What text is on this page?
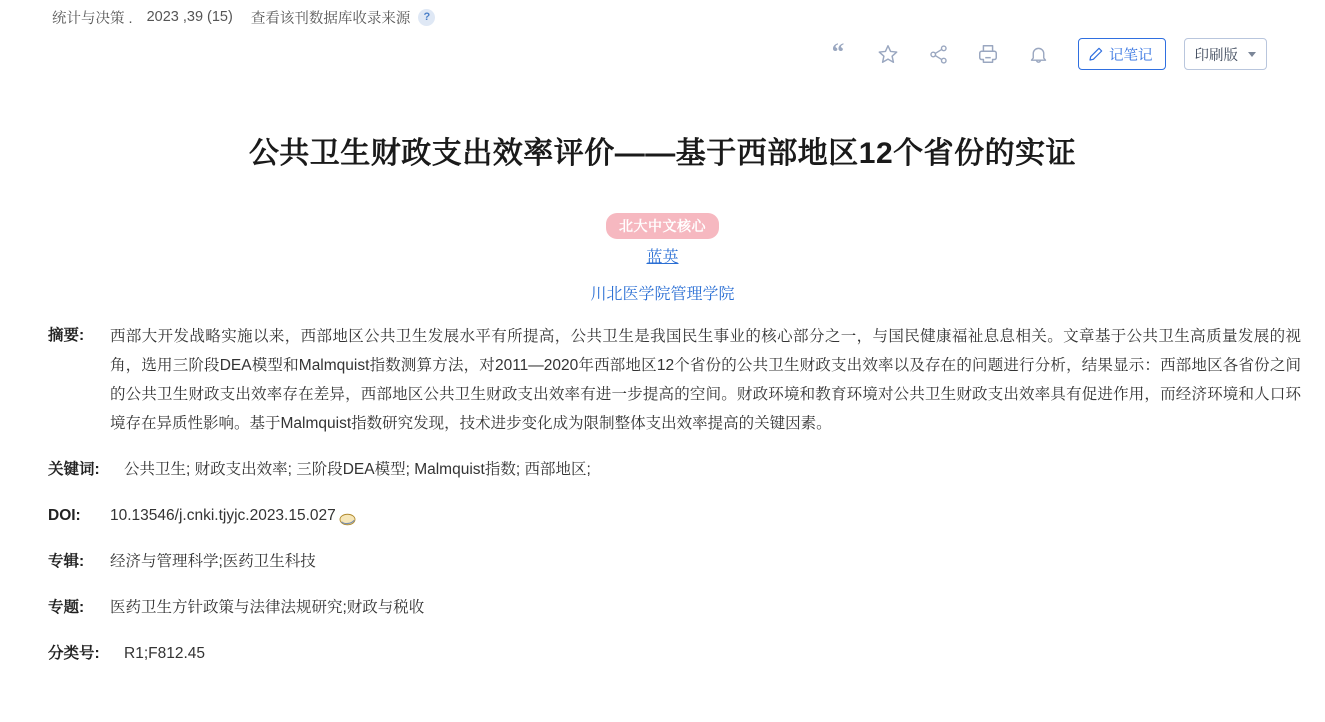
统计与决策 . 2023 ,39 (15) 查看该刊数据库收录来源	?
“	记笔记	印刷版
公共卫生财政支出效率评价——基于西部地区12个省份的实证
北大中文核心
蓝英
川北医学院管理学院
摘要:	西部大开发战略实施以来，西部地区公共卫生发展水平有所提高，公共卫生是我国民生事业的核心部分之一，与国民健康福祉息息相关。文章基于公共卫生高质量发展的视角，选用三阶段DEA模型和Malmquist指数测算方法，对2011—2020年西部地区12个省份的公共卫生财政支出效率以及存在的问题进行分析，结果显示：西部地区各省份之间的公共卫生财政支出效率存在差异，西部地区公共卫生财政支出效率有进一步提高的空间。财政环境和教育环境对公共卫生财政支出效率具有促进作用，而经济环境和人口环境存在异质性影响。基于Malmquist指数研究发现，技术进步变化成为限制整体支出效率提高的关键因素。
关键词:	公共卫生; 财政支出效率; 三阶段DEA模型; Malmquist指数; 西部地区;
DOI:	10.13546/j.cnki.tjyjc.2023.15.027
专辑:	经济与管理科学;医药卫生科技
专题:	医药卫生方针政策与法律法规研究;财政与税收
分类号:	R1;F812.45
